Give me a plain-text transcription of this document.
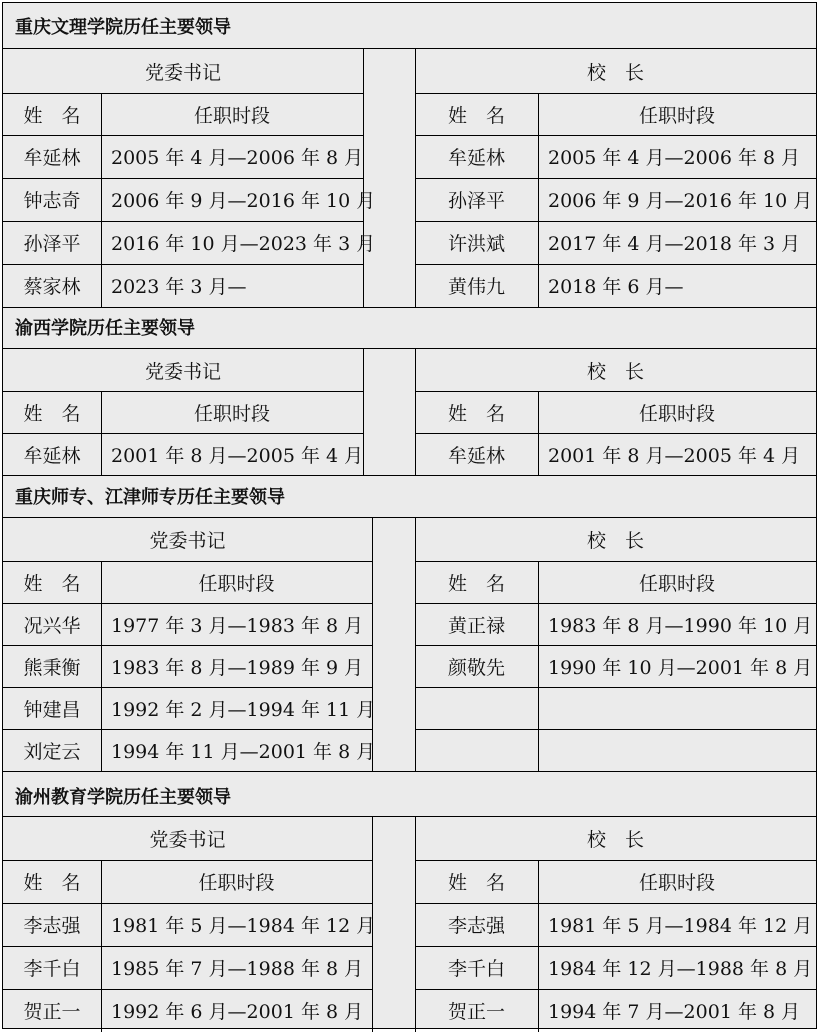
重庆文理学院历任主要领导
党委书记	校　长
姓　名	任职时段	姓　名	任职时段
牟延林	2005 年 4 月—2006 年 8 月	牟延林	2005 年 4 月—2006 年 8 月
钟志奇	2006 年 9 月—2016 年 10 月	孙泽平	2006 年 9 月—2016 年 10 月
孙泽平	2016 年 10 月—2023 年 3 月	许洪斌	2017 年 4 月—2018 年 3 月
蔡家林	2023 年 3 月—	黄伟九	2018 年 6 月—
渝西学院历任主要领导
党委书记	校　长
姓　名	任职时段	姓　名	任职时段
牟延林	2001 年 8 月—2005 年 4 月	牟延林	2001 年 8 月—2005 年 4 月
重庆师专、江津师专历任主要领导
党委书记	校　长
姓　名	任职时段	姓　名	任职时段
况兴华	1977 年 3 月—1983 年 8 月	黄正禄	1983 年 8 月—1990 年 10 月
熊秉衡	1983 年 8 月—1989 年 9 月	颜敬先	1990 年 10 月—2001 年 8 月
钟建昌	1992 年 2 月—1994 年 11 月
刘定云	1994 年 11 月—2001 年 8 月
渝州教育学院历任主要领导
党委书记	校　长
姓　名	任职时段	姓　名	任职时段
李志强	1981 年 5 月—1984 年 12 月	李志强	1981 年 5 月—1984 年 12 月
李千白	1985 年 7 月—1988 年 8 月	李千白	1984 年 12 月—1988 年 8 月
贺正一	1992 年 6 月—2001 年 8 月	贺正一	1994 年 7 月—2001 年 8 月
